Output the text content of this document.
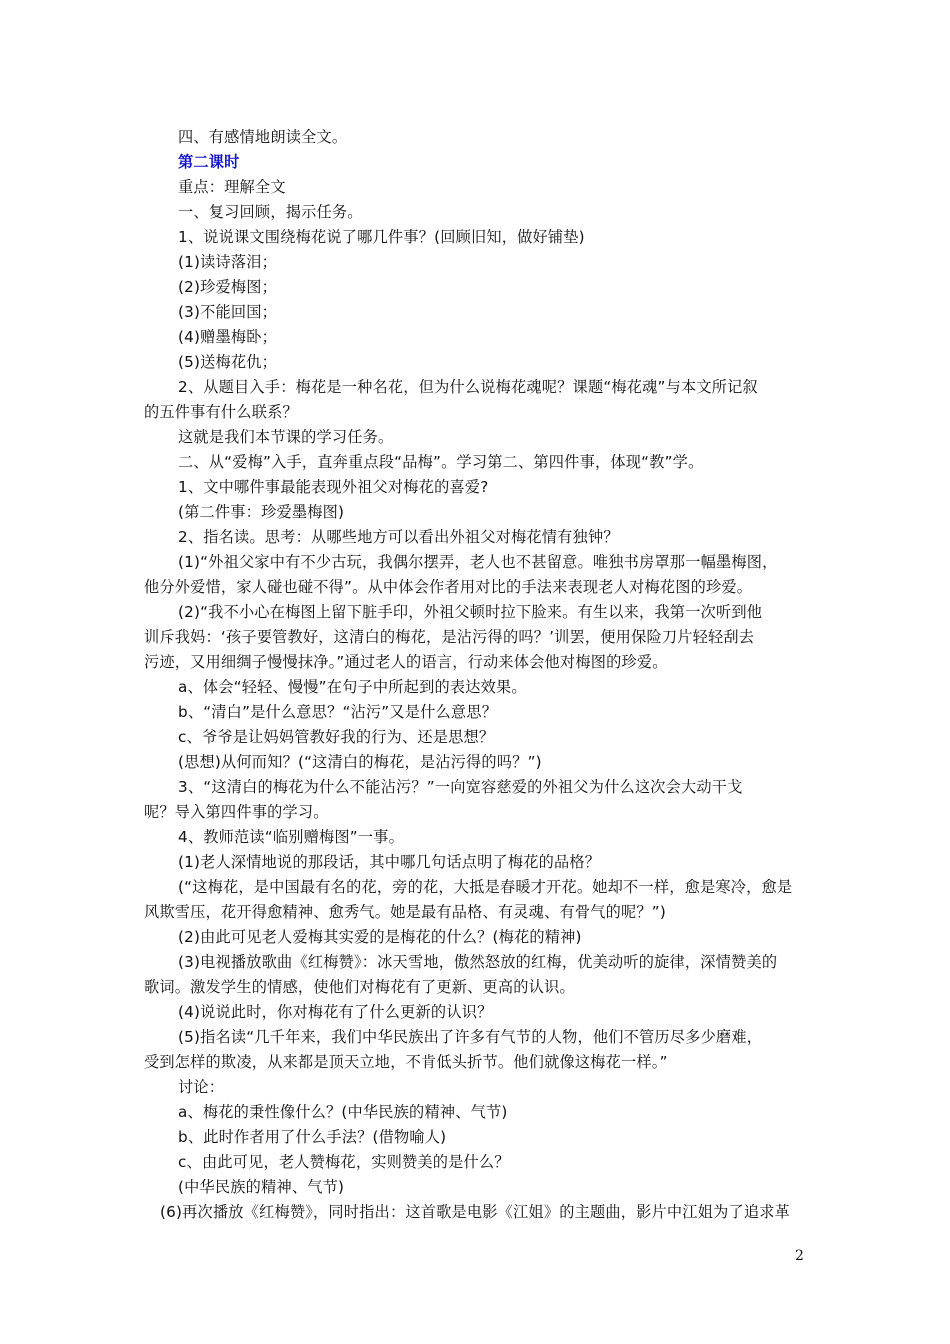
四、有感情地朗读全文。
第二课时
重点：理解全文
一、复习回顾，揭示任务。
1、说说课文围绕梅花说了哪几件事？(回顾旧知，做好铺垫)
(1)读诗落泪；
(2)珍爱梅图；
(3)不能回国；
(4)赠墨梅卧；
(5)送梅花仇；
2、从题目入手：梅花是一种名花，但为什么说梅花魂呢？课题“梅花魂”与本文所记叙
的五件事有什么联系？
这就是我们本节课的学习任务。
二、从“爱梅”入手，直奔重点段“品梅”。学习第二、第四件事，体现“教”学。
1、文中哪件事最能表现外祖父对梅花的喜爱?
(第二件事：珍爱墨梅图)
2、指名读。思考：从哪些地方可以看出外祖父对梅花情有独钟？
(1)“外祖父家中有不少古玩，我偶尔摆弄，老人也不甚留意。唯独书房罩那一幅墨梅图，
他分外爱惜，家人碰也碰不得”。从中体会作者用对比的手法来表现老人对梅花图的珍爱。
(2)“我不小心在梅图上留下脏手印，外祖父顿时拉下脸来。有生以来，我第一次听到他
训斥我妈：‘孩子要管教好，这清白的梅花，是沾污得的吗？’训罢，便用保险刀片轻轻刮去
污迹，又用细绸子慢慢抹净。”通过老人的语言，行动来体会他对梅图的珍爱。
a、体会“轻轻、慢慢”在句子中所起到的表达效果。
b、“清白”是什么意思？“沾污”又是什么意思？
c、爷爷是让妈妈管教好我的行为、还是思想？
(思想)从何而知？(“这清白的梅花，是沾污得的吗？”)
3、“这清白的梅花为什么不能沾污？”一向宽容慈爱的外祖父为什么这次会大动干戈
呢？导入第四件事的学习。
4、教师范读“临别赠梅图”一事。
(1)老人深情地说的那段话，其中哪几句话点明了梅花的品格？
(“这梅花，是中国最有名的花，旁的花，大抵是春暖才开花。她却不一样，愈是寒冷，愈是
风欺雪压，花开得愈精神、愈秀气。她是最有品格、有灵魂、有骨气的呢？”)
(2)由此可见老人爱梅其实爱的是梅花的什么？(梅花的精神)
(3)电视播放歌曲《红梅赞》：冰天雪地，傲然怒放的红梅，优美动听的旋律，深情赞美的
歌词。激发学生的情感，使他们对梅花有了更新、更高的认识。
(4)说说此时，你对梅花有了什么更新的认识？
(5)指名读“几千年来，我们中华民族出了许多有气节的人物，他们不管历尽多少磨难，
受到怎样的欺凌，从来都是顶天立地，不肯低头折节。他们就像这梅花一样。”
讨论：
a、梅花的秉性像什么？(中华民族的精神、气节)
b、此时作者用了什么手法？(借物喻人)
c、由此可见，老人赞梅花，实则赞美的是什么？
(中华民族的精神、气节)
(6)再次播放《红梅赞》，同时指出：这首歌是电影《江姐》的主题曲，影片中江姐为了追求革
2
